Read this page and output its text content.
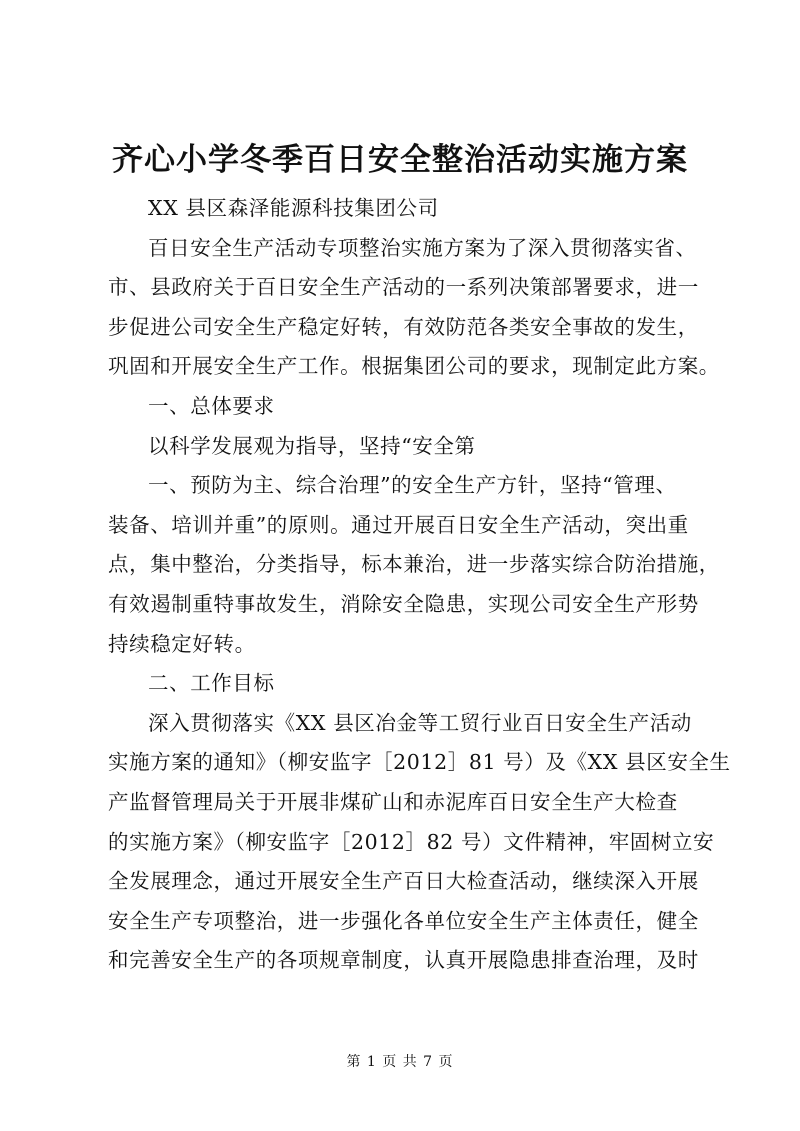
齐心小学冬季百日安全整治活动实施方案
XX 县区森泽能源科技集团公司
百日安全生产活动专项整治实施方案为了深入贯彻落实省、
市、县政府关于百日安全生产活动的一系列决策部署要求，进一
步促进公司安全生产稳定好转，有效防范各类安全事故的发生，
巩固和开展安全生产工作。根据集团公司的要求，现制定此方案。
一、总体要求
以科学发展观为指导，坚持“安全第
一、预防为主、综合治理”的安全生产方针，坚持“管理、
装备、培训并重”的原则。通过开展百日安全生产活动，突出重
点，集中整治，分类指导，标本兼治，进一步落实综合防治措施，
有效遏制重特事故发生，消除安全隐患，实现公司安全生产形势
持续稳定好转。
二、工作目标
深入贯彻落实《XX 县区冶金等工贸行业百日安全生产活动
实施方案的通知》（柳安监字［2012］81 号）及《XX 县区安全生
产监督管理局关于开展非煤矿山和赤泥库百日安全生产大检查
的实施方案》（柳安监字［2012］82 号）文件精神，牢固树立安
全发展理念，通过开展安全生产百日大检查活动，继续深入开展
安全生产专项整治，进一步强化各单位安全生产主体责任，健全
和完善安全生产的各项规章制度，认真开展隐患排查治理，及时
第 1 页 共 7 页
